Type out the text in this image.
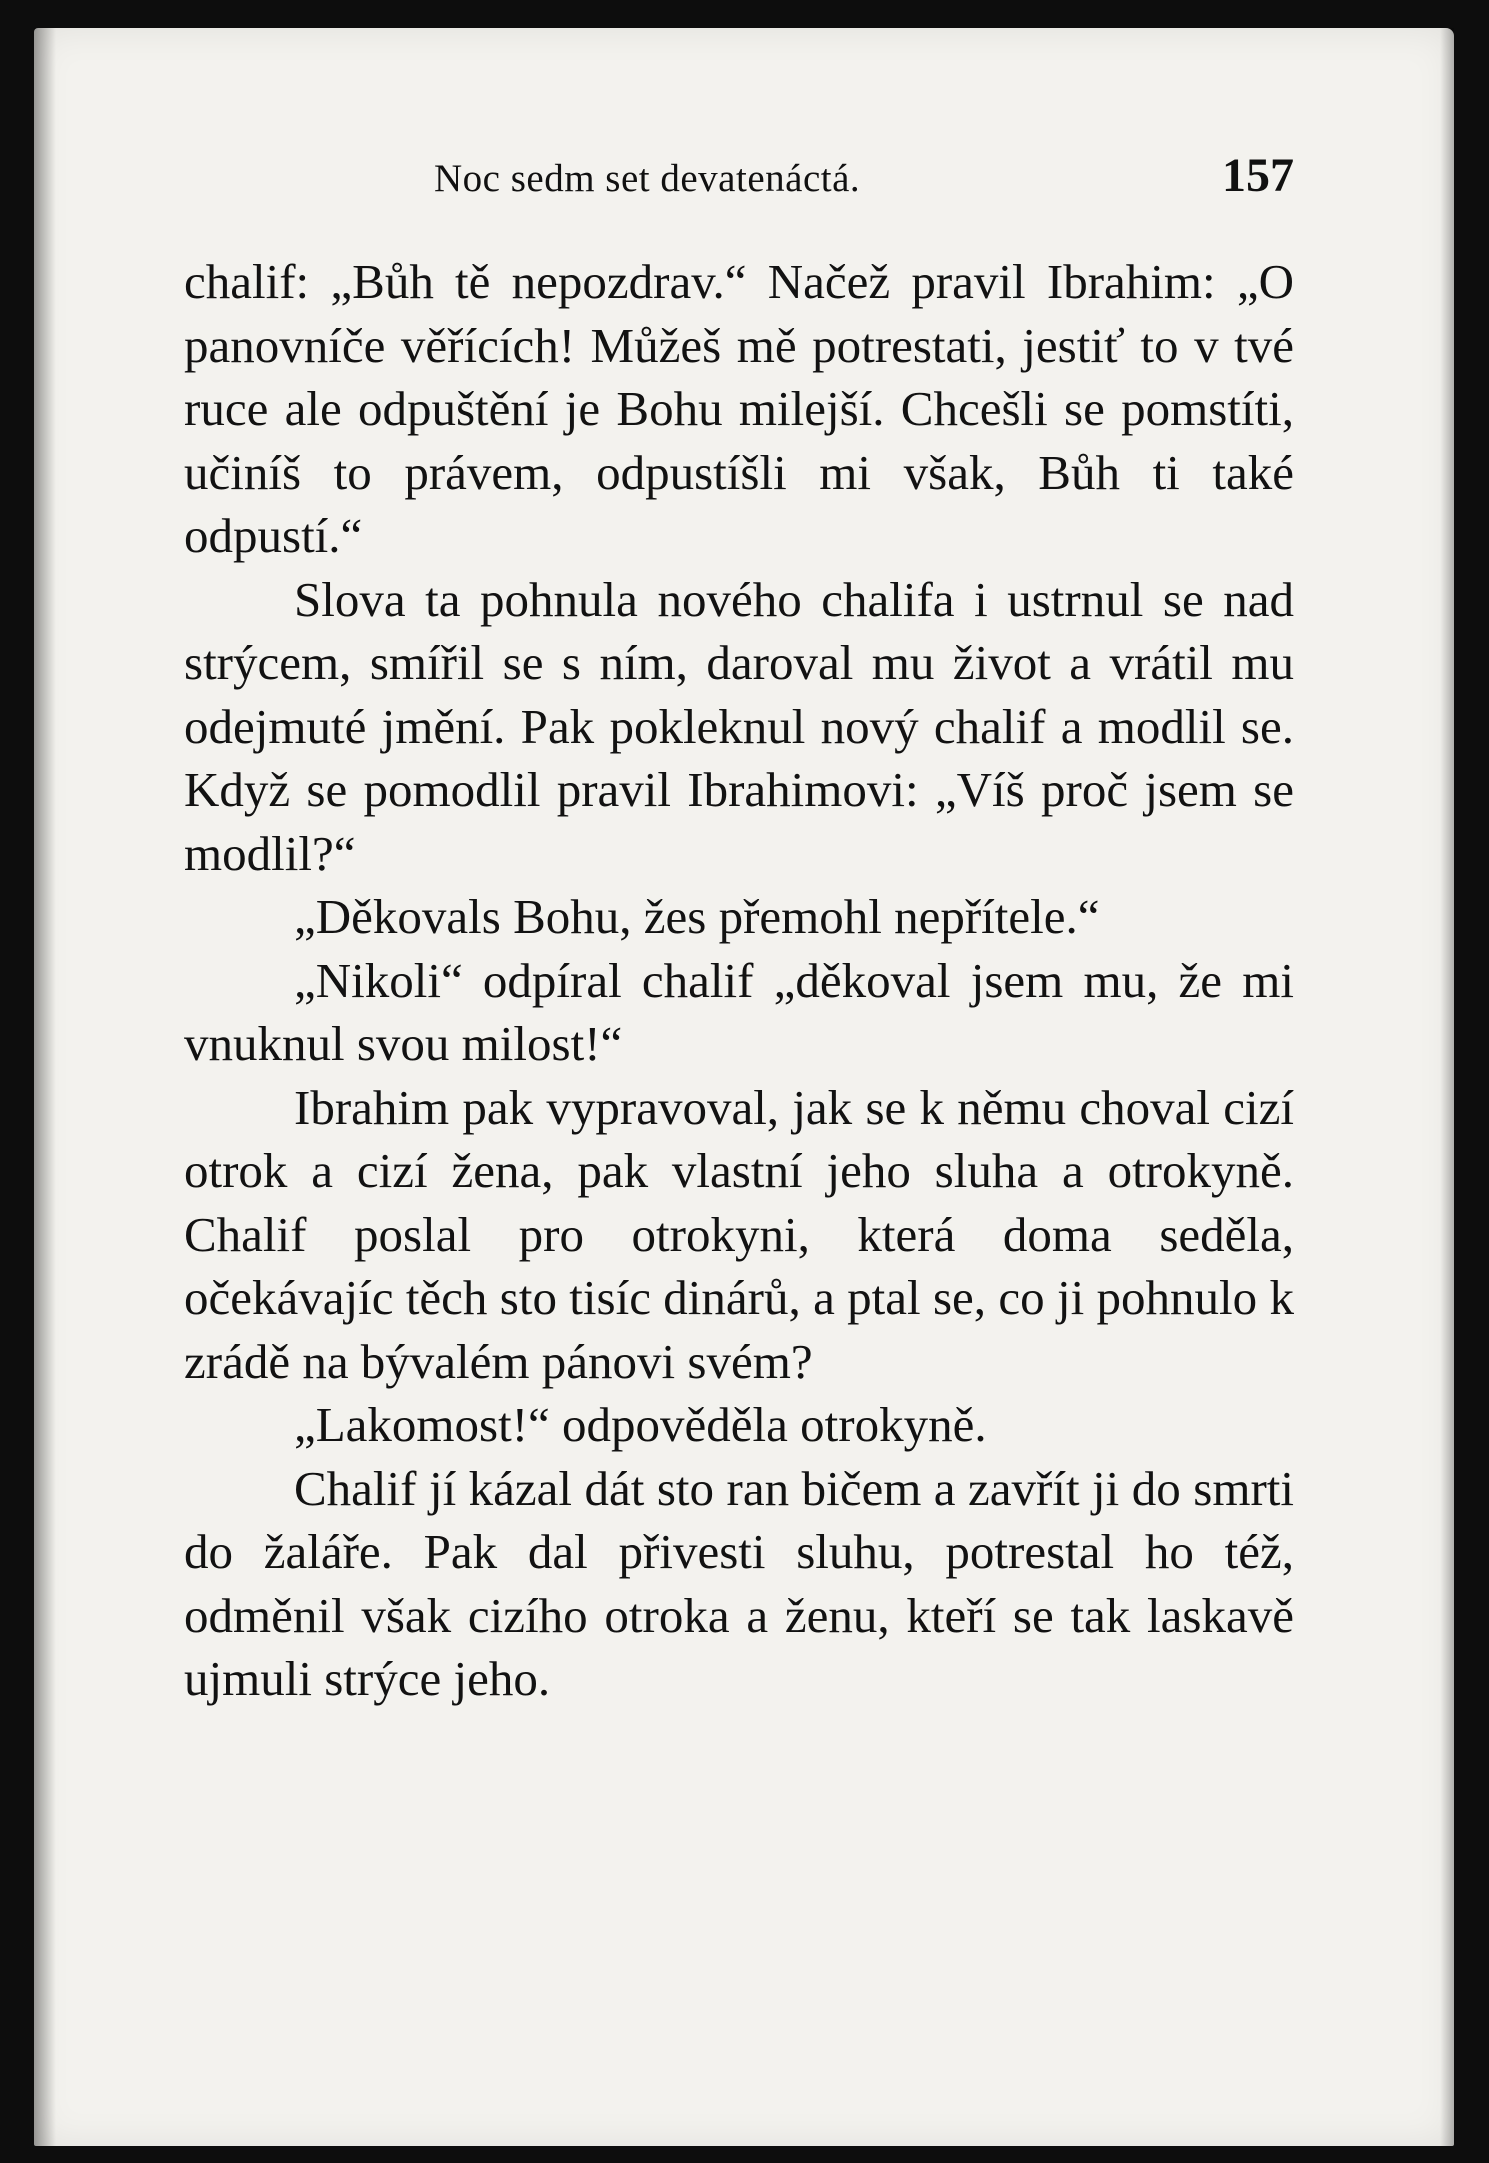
Noc sedm set devatenáctá.	157

chalif: „Bůh tě nepozdrav.“ Načež pravil Ibrahim: „O panovníče věřících! Můžeš mě potrestati, jestiť to v tvé ruce ale odpuštění je Bohu milejší. Chcešli se pomstíti, učiníš to právem, odpustíšli mi však, Bůh ti také odpustí.“

Slova ta pohnula nového chalifa i ustrnul se nad strýcem, smířil se s ním, daroval mu život a vrátil mu odejmuté jmění. Pak pokleknul nový chalif a modlil se. Když se pomodlil pravil Ibrahimovi: „Víš proč jsem se modlil?“

„Děkovals Bohu, žes přemohl nepřítele.“

„Nikoli“ odpíral chalif „děkoval jsem mu, že mi vnuknul svou milost!“

Ibrahim pak vypravoval, jak se k němu choval cizí otrok a cizí žena, pak vlastní jeho sluha a otrokyně. Chalif poslal pro otrokyni, která doma seděla, očekávajíc těch sto tisíc dinárů, a ptal se, co ji pohnulo k zrádě na bývalém pánovi svém?

„Lakomost!“ odpověděla otrokyně.

Chalif jí kázal dát sto ran bičem a zavřít ji do smrti do žaláře. Pak dal přivesti sluhu, potrestal ho též, odměnil však cizího otroka a ženu, kteří se tak laskavě ujmuli strýce jeho.
